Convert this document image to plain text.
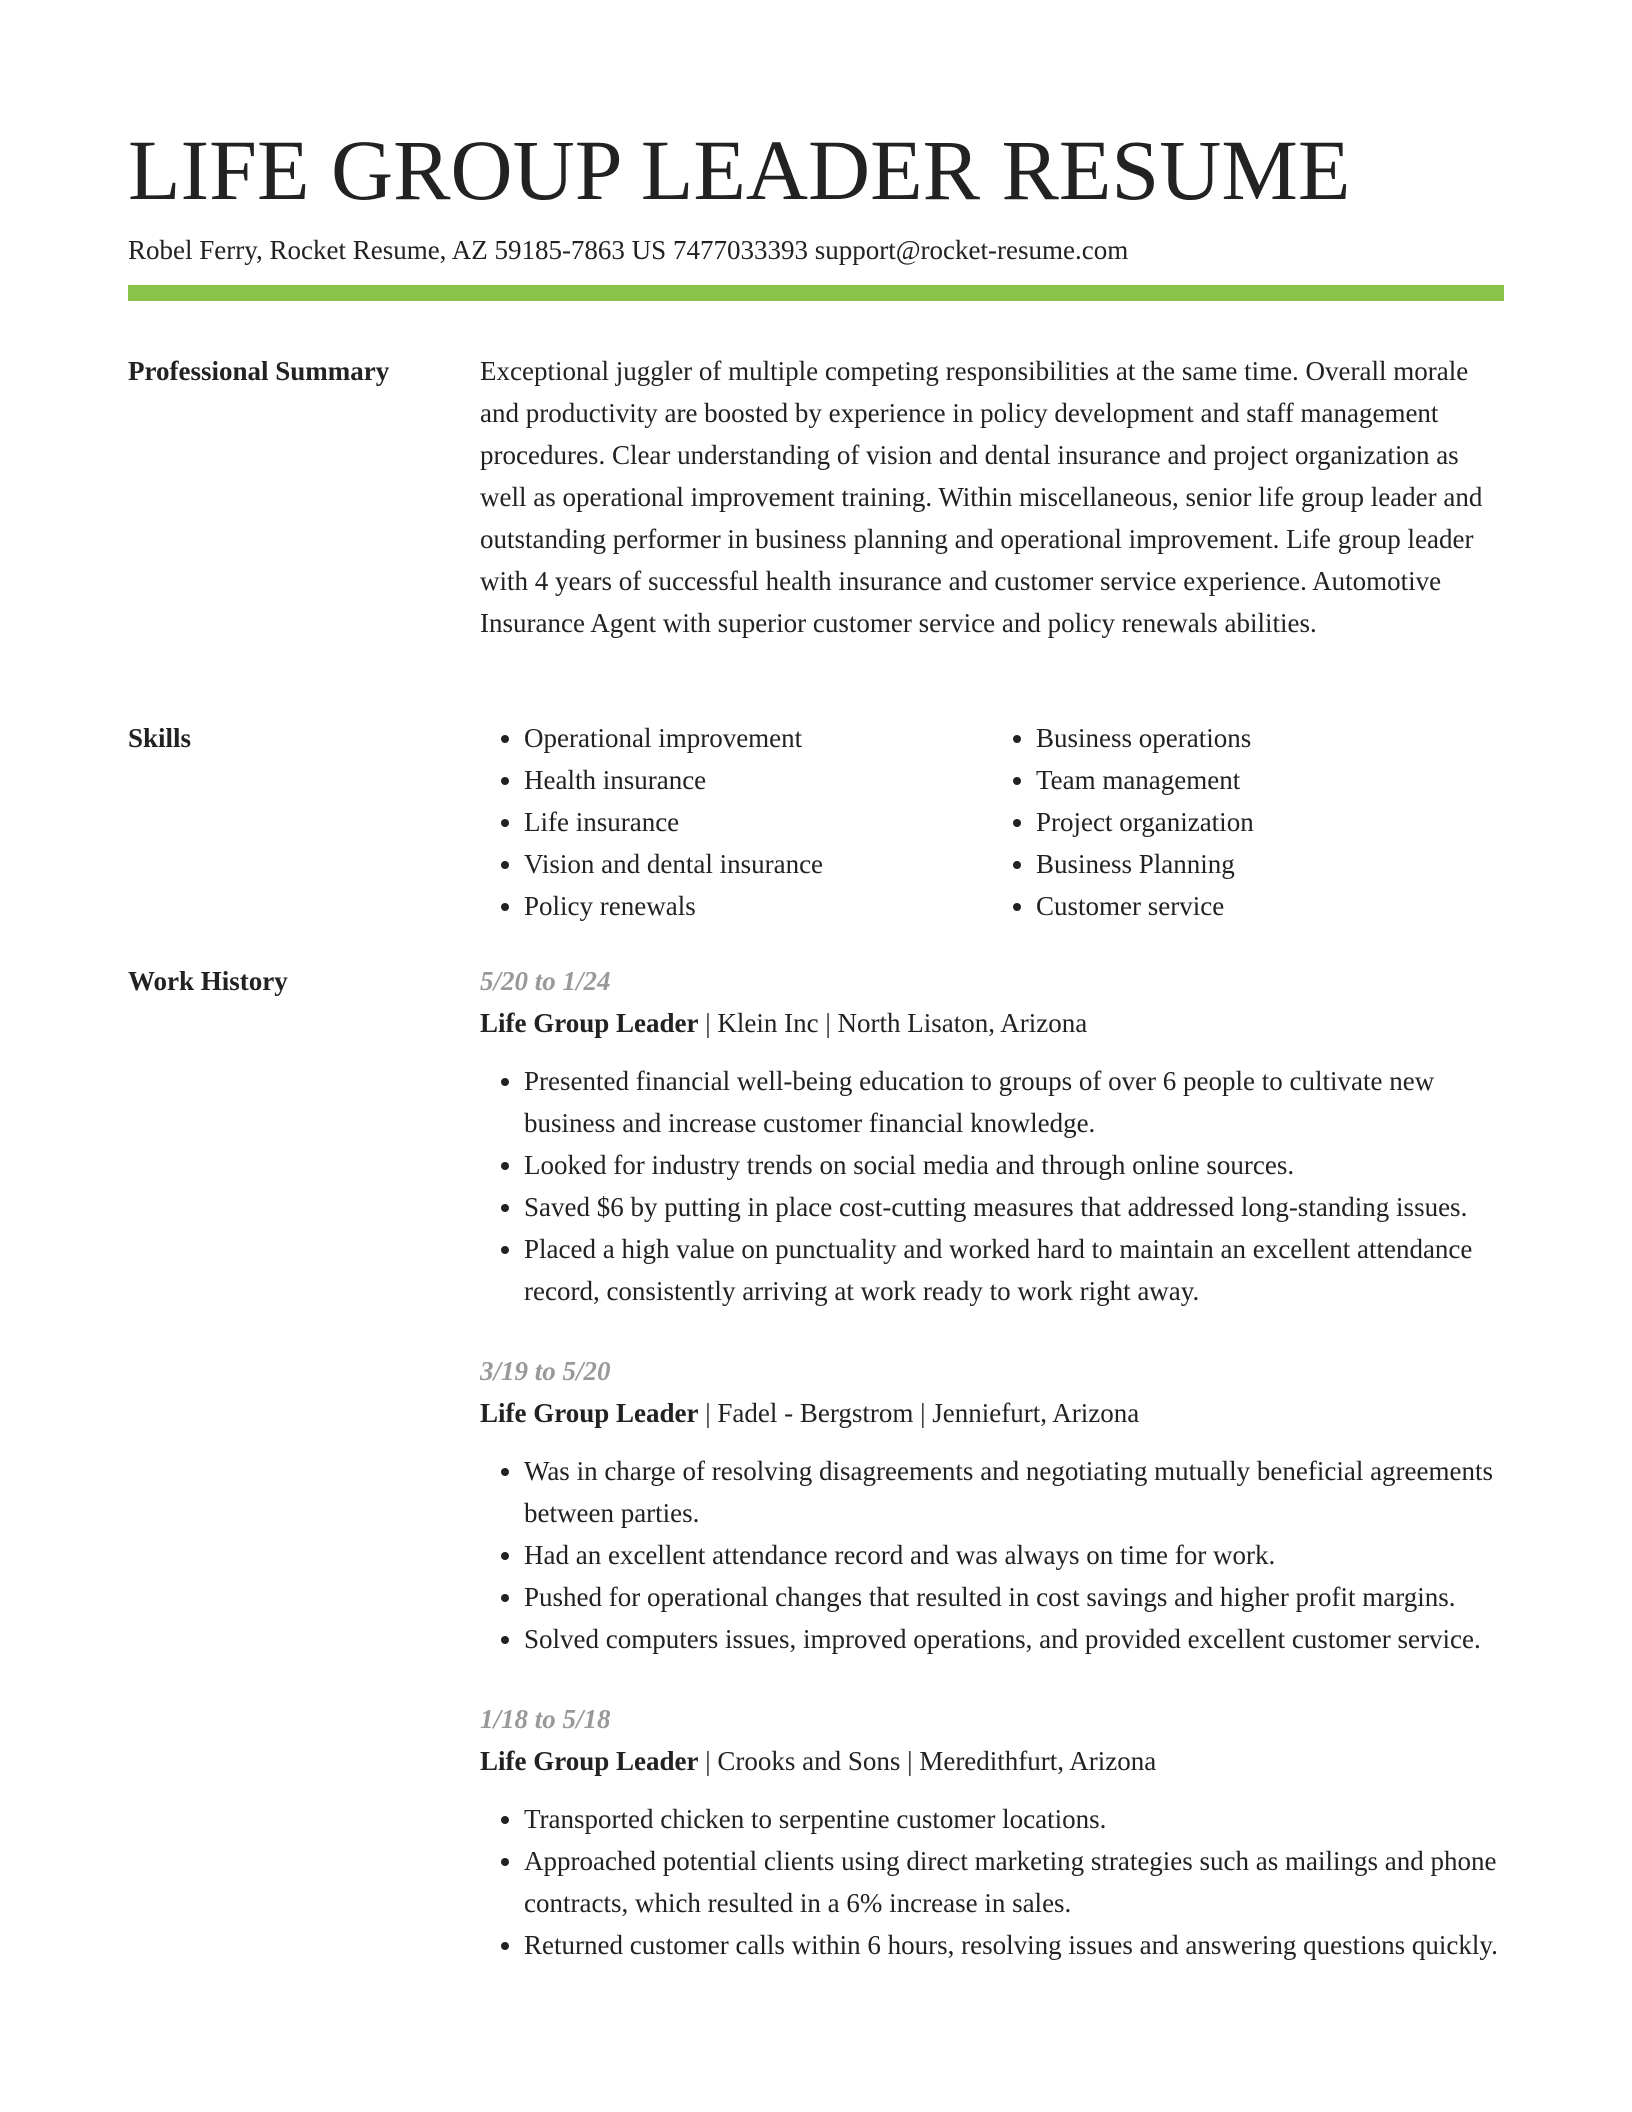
LIFE GROUP LEADER RESUME
Robel Ferry, Rocket Resume, AZ 59185-7863 US 7477033393 support@rocket-resume.com
Professional Summary	Exceptional juggler of multiple competing responsibilities at the same time. Overall morale and productivity are boosted by experience in policy development and staff management procedures. Clear understanding of vision and dental insurance and project organization as well as operational improvement training. Within miscellaneous, senior life group leader and outstanding performer in business planning and operational improvement. Life group leader with 4 years of successful health insurance and customer service experience. Automotive Insurance Agent with superior customer service and policy renewals abilities.

Skills
•	Operational improvement
• Health insurance
• Life insurance
• Vision and dental insurance
• Policy renewals
• Business operations
• Team management
• Project organization
• Business Planning
• Customer service
Work History	5/20 to 1/24
Life Group Leader | Klein Inc | North Lisaton, Arizona
• Presented financial well-being education to groups of over 6 people to cultivate new business and increase customer financial knowledge.
• Looked for industry trends on social media and through online sources.
• Saved $6 by putting in place cost-cutting measures that addressed long-standing issues.
• Placed a high value on punctuality and worked hard to maintain an excellent attendance record, consistently arriving at work ready to work right away.
3/19 to 5/20
Life Group Leader | Fadel - Bergstrom | Jenniefurt, Arizona
• Was in charge of resolving disagreements and negotiating mutually beneficial agreements between parties.
• Had an excellent attendance record and was always on time for work.
• Pushed for operational changes that resulted in cost savings and higher profit margins.
• Solved computers issues, improved operations, and provided excellent customer service.
1/18 to 5/18
Life Group Leader | Crooks and Sons | Meredithfurt, Arizona
• Transported chicken to serpentine customer locations.
• Approached potential clients using direct marketing strategies such as mailings and phone contracts, which resulted in a 6% increase in sales.
• Returned customer calls within 6 hours, resolving issues and answering questions quickly.
